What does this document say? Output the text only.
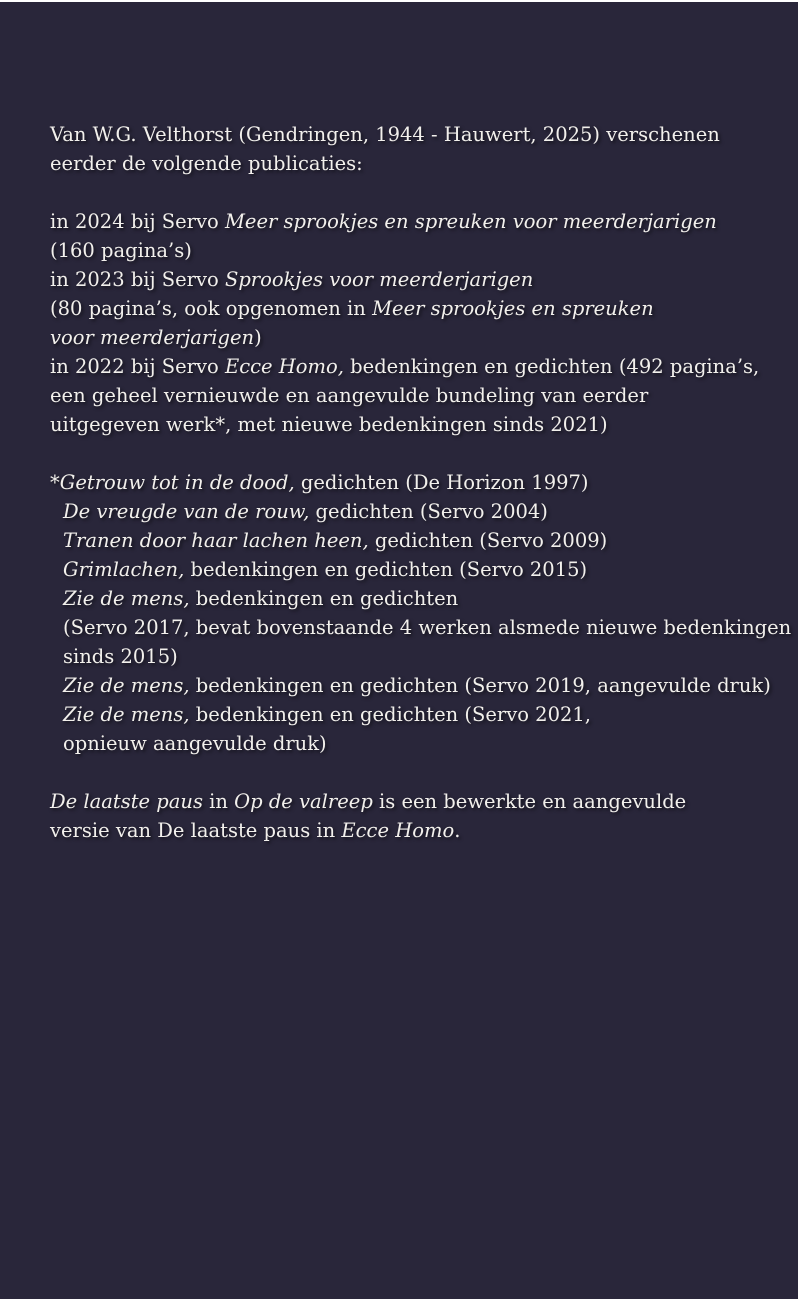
Van W.G. Velthorst (Gendringen, 1944 - Hauwert, 2025) verschenen
eerder de volgende publicaties:
in 2024 bij Servo Meer sprookjes en spreuken voor meerderjarigen
(160 pagina’s)
in 2023 bij Servo Sprookjes voor meerderjarigen
(80 pagina’s, ook opgenomen in Meer sprookjes en spreuken
voor meerderjarigen)
in 2022 bij Servo Ecce Homo, bedenkingen en gedichten (492 pagina’s,
een geheel vernieuwde en aangevulde bundeling van eerder
uitgegeven werk*, met nieuwe bedenkingen sinds 2021)
*Getrouw tot in de dood, gedichten (De Horizon 1997)
De vreugde van de rouw, gedichten (Servo 2004)
Tranen door haar lachen heen, gedichten (Servo 2009)
Grimlachen, bedenkingen en gedichten (Servo 2015)
Zie de mens, bedenkingen en gedichten
(Servo 2017, bevat bovenstaande 4 werken alsmede nieuwe bedenkingen
sinds 2015)
Zie de mens, bedenkingen en gedichten (Servo 2019, aangevulde druk)
Zie de mens, bedenkingen en gedichten (Servo 2021,
opnieuw aangevulde druk)
De laatste paus in Op de valreep is een bewerkte en aangevulde
versie van De laatste paus in Ecce Homo.
